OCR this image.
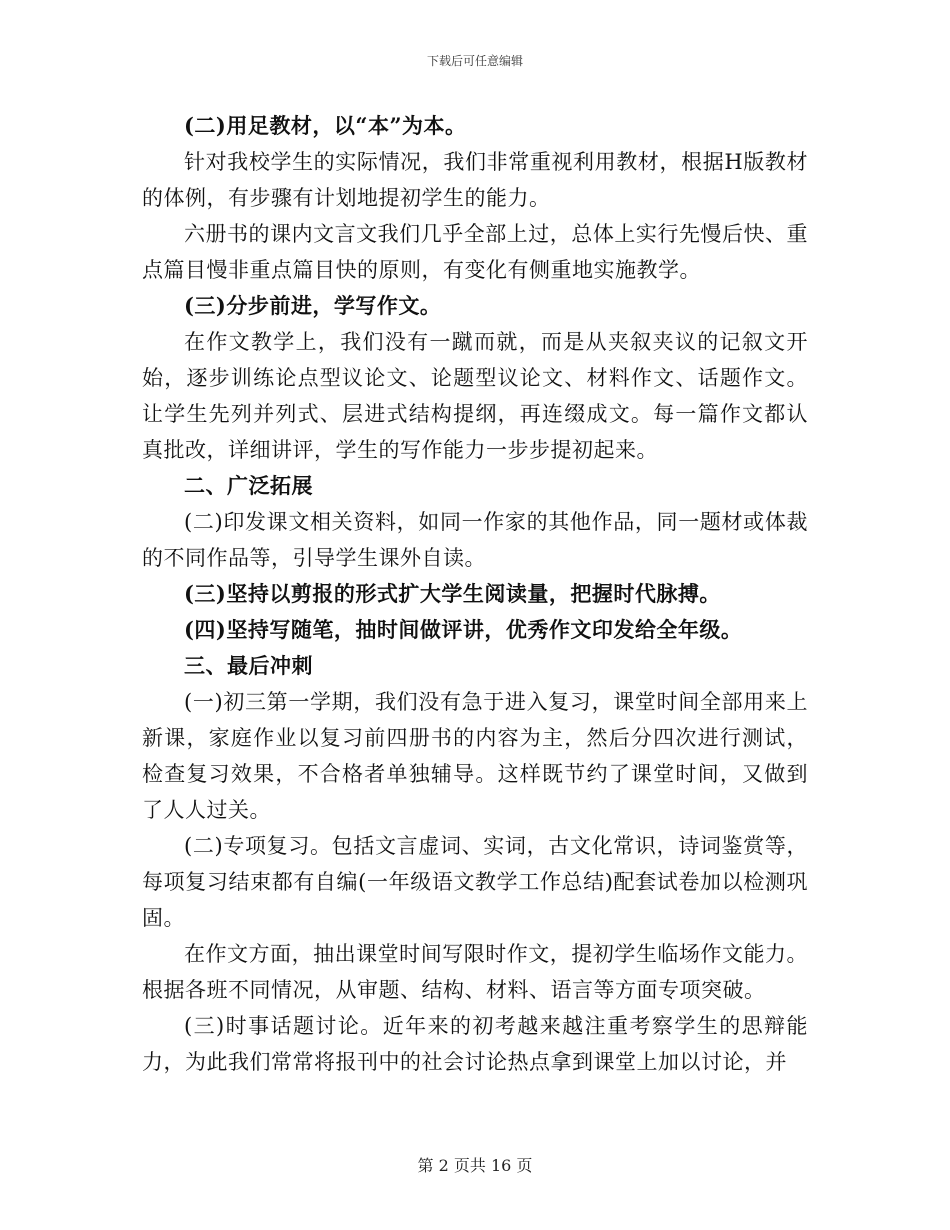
下载后可任意编辑

(二)用足教材，以“本”为本。

针对我校学生的实际情况，我们非常重视利用教材，根据H版教材的体例，有步骤有计划地提初学生的能力。

六册书的课内文言文我们几乎全部上过，总体上实行先慢后快、重点篇目慢非重点篇目快的原则，有变化有侧重地实施教学。

(三)分步前进，学写作文。

在作文教学上，我们没有一蹴而就，而是从夹叙夹议的记叙文开始，逐步训练论点型议论文、论题型议论文、材料作文、话题作文。让学生先列并列式、层进式结构提纲，再连缀成文。每一篇作文都认真批改，详细讲评，学生的写作能力一步步提初起来。

二、广泛拓展

(二)印发课文相关资料，如同一作家的其他作品，同一题材或体裁的不同作品等，引导学生课外自读。

(三)坚持以剪报的形式扩大学生阅读量，把握时代脉搏。

(四)坚持写随笔，抽时间做评讲，优秀作文印发给全年级。

三、最后冲刺

(一)初三第一学期，我们没有急于进入复习，课堂时间全部用来上新课，家庭作业以复习前四册书的内容为主，然后分四次进行测试，检查复习效果，不合格者单独辅导。这样既节约了课堂时间，又做到了人人过关。

(二)专项复习。包括文言虚词、实词，古文化常识，诗词鉴赏等，每项复习结束都有自编(一年级语文教学工作总结)配套试卷加以检测巩固。

在作文方面，抽出课堂时间写限时作文，提初学生临场作文能力。根据各班不同情况，从审题、结构、材料、语言等方面专项突破。

(三)时事话题讨论。近年来的初考越来越注重考察学生的思辩能力，为此我们常常将报刊中的社会讨论热点拿到课堂上加以讨论，并

第 2 页共 16 页
